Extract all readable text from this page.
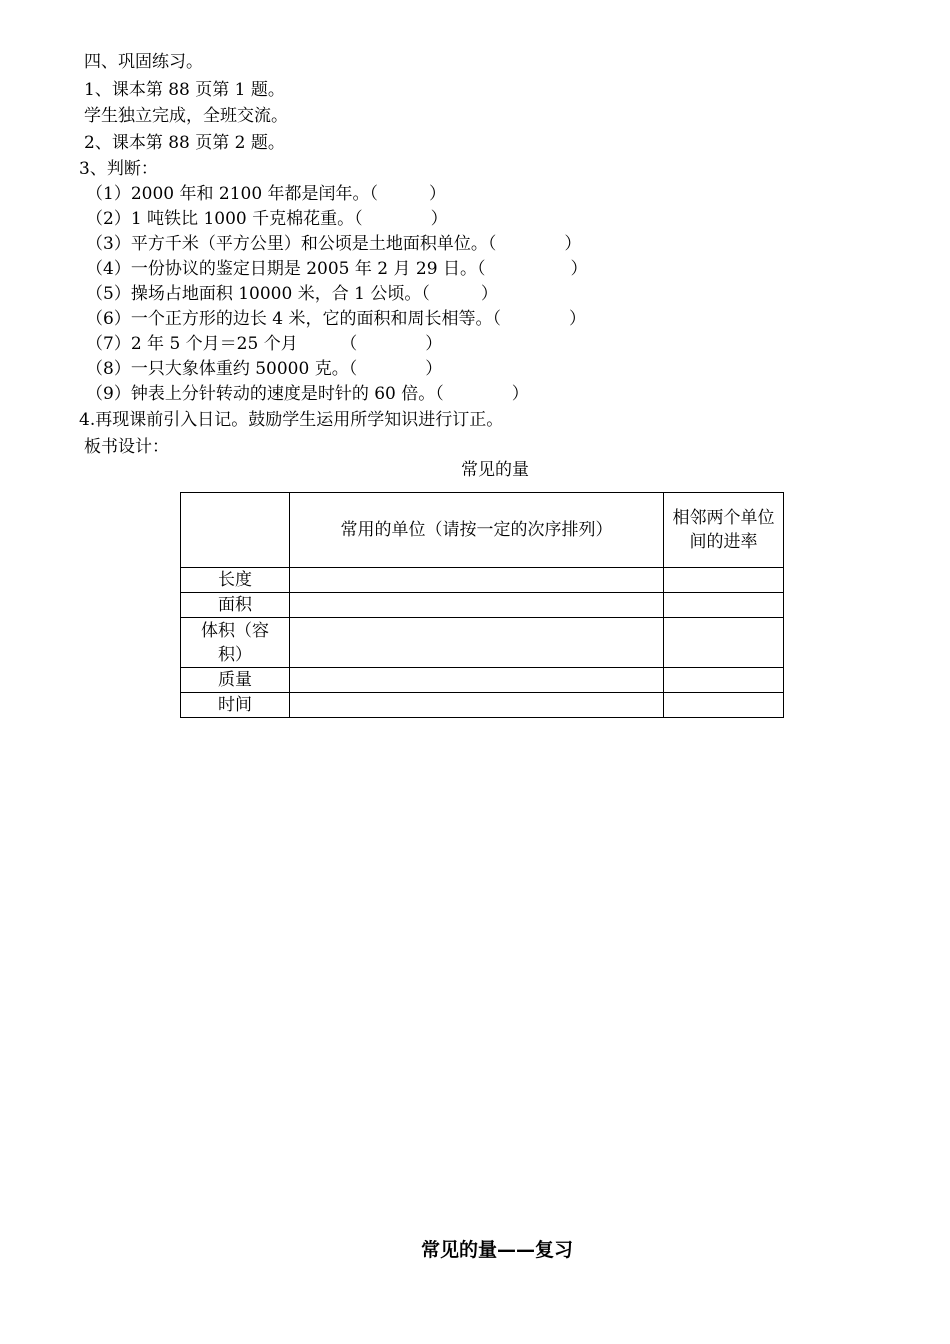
四、巩固练习。
1、课本第 88 页第 1 题。
学生独立完成，全班交流。
2、课本第 88 页第 2 题。
3、判断：
（1）2000 年和 2100 年都是闰年。（　　　）
（2）1 吨铁比 1000 千克棉花重。（　　　　）
（3）平方千米（平方公里）和公顷是土地面积单位。（　　　　）
（4）一份协议的鉴定日期是 2005 年 2 月 29 日。（　　　　　）
（5）操场占地面积 10000 米，合 1 公顷。（　　　）
（6）一个正方形的边长 4 米，它的面积和周长相等。（　　　　）
（7）2 年 5 个月＝25 个月　　　（　　　　）
（8）一只大象体重约 50000 克。（　　　　）
（9）钟表上分针转动的速度是时针的 60 倍。（　　　　）
4.再现课前引入日记。鼓励学生运用所学知识进行订正。
板书设计：
常见的量
	常用的单位（请按一定的次序排列）	相邻两个单位间的进率
长度		
面积		
体积（容积）		
质量		
时间		
常见的量——复习
